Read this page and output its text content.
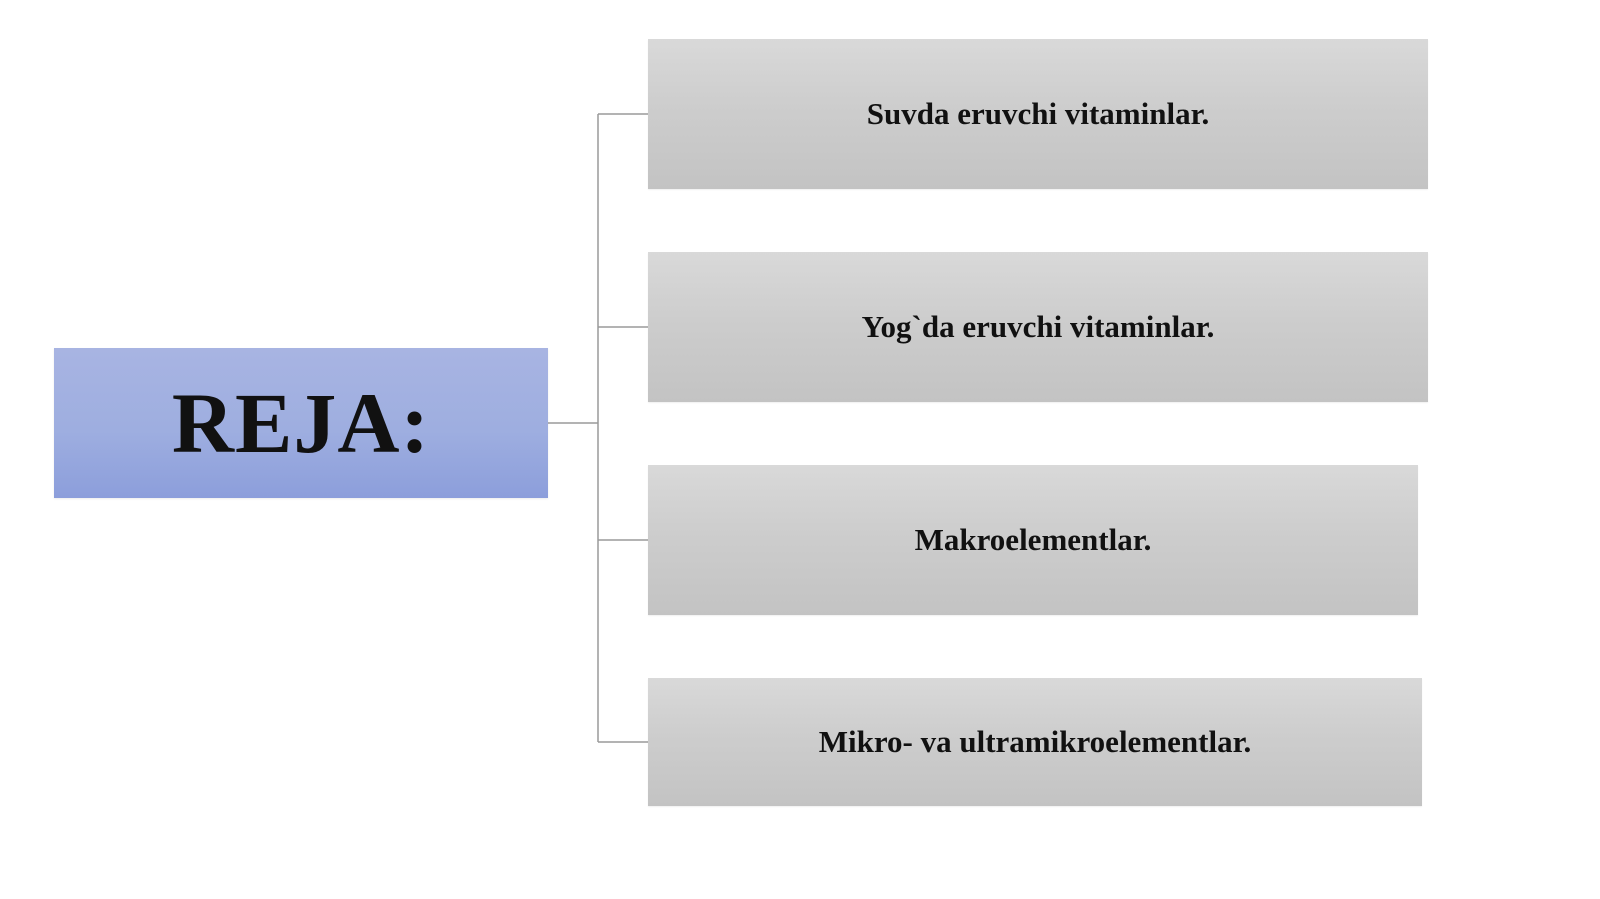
REJA:
Suvda eruvchi vitaminlar.
Yog`da eruvchi vitaminlar.
Makroelementlar.
Mikro- va ultramikroelementlar.
